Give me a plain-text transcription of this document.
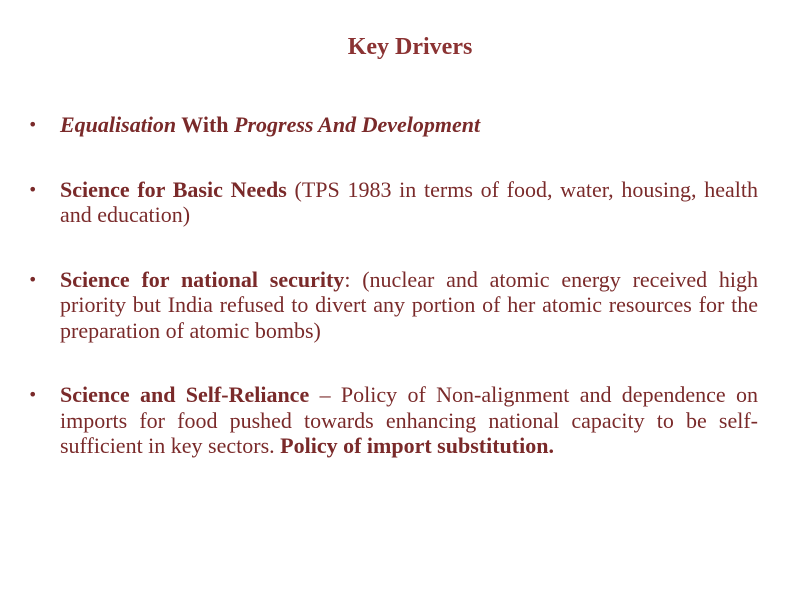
Key Drivers
• Equalisation With Progress And Development
• Science for Basic Needs (TPS 1983 in terms of food, water, housing, health and education)
• Science for national security: (nuclear and atomic energy received high priority but India refused to divert any portion of her atomic resources for the preparation of atomic bombs)
• Science and Self-Reliance – Policy of Non-alignment and dependence on imports for food pushed towards enhancing national capacity to be self-sufficient in key sectors. Policy of import substitution.
